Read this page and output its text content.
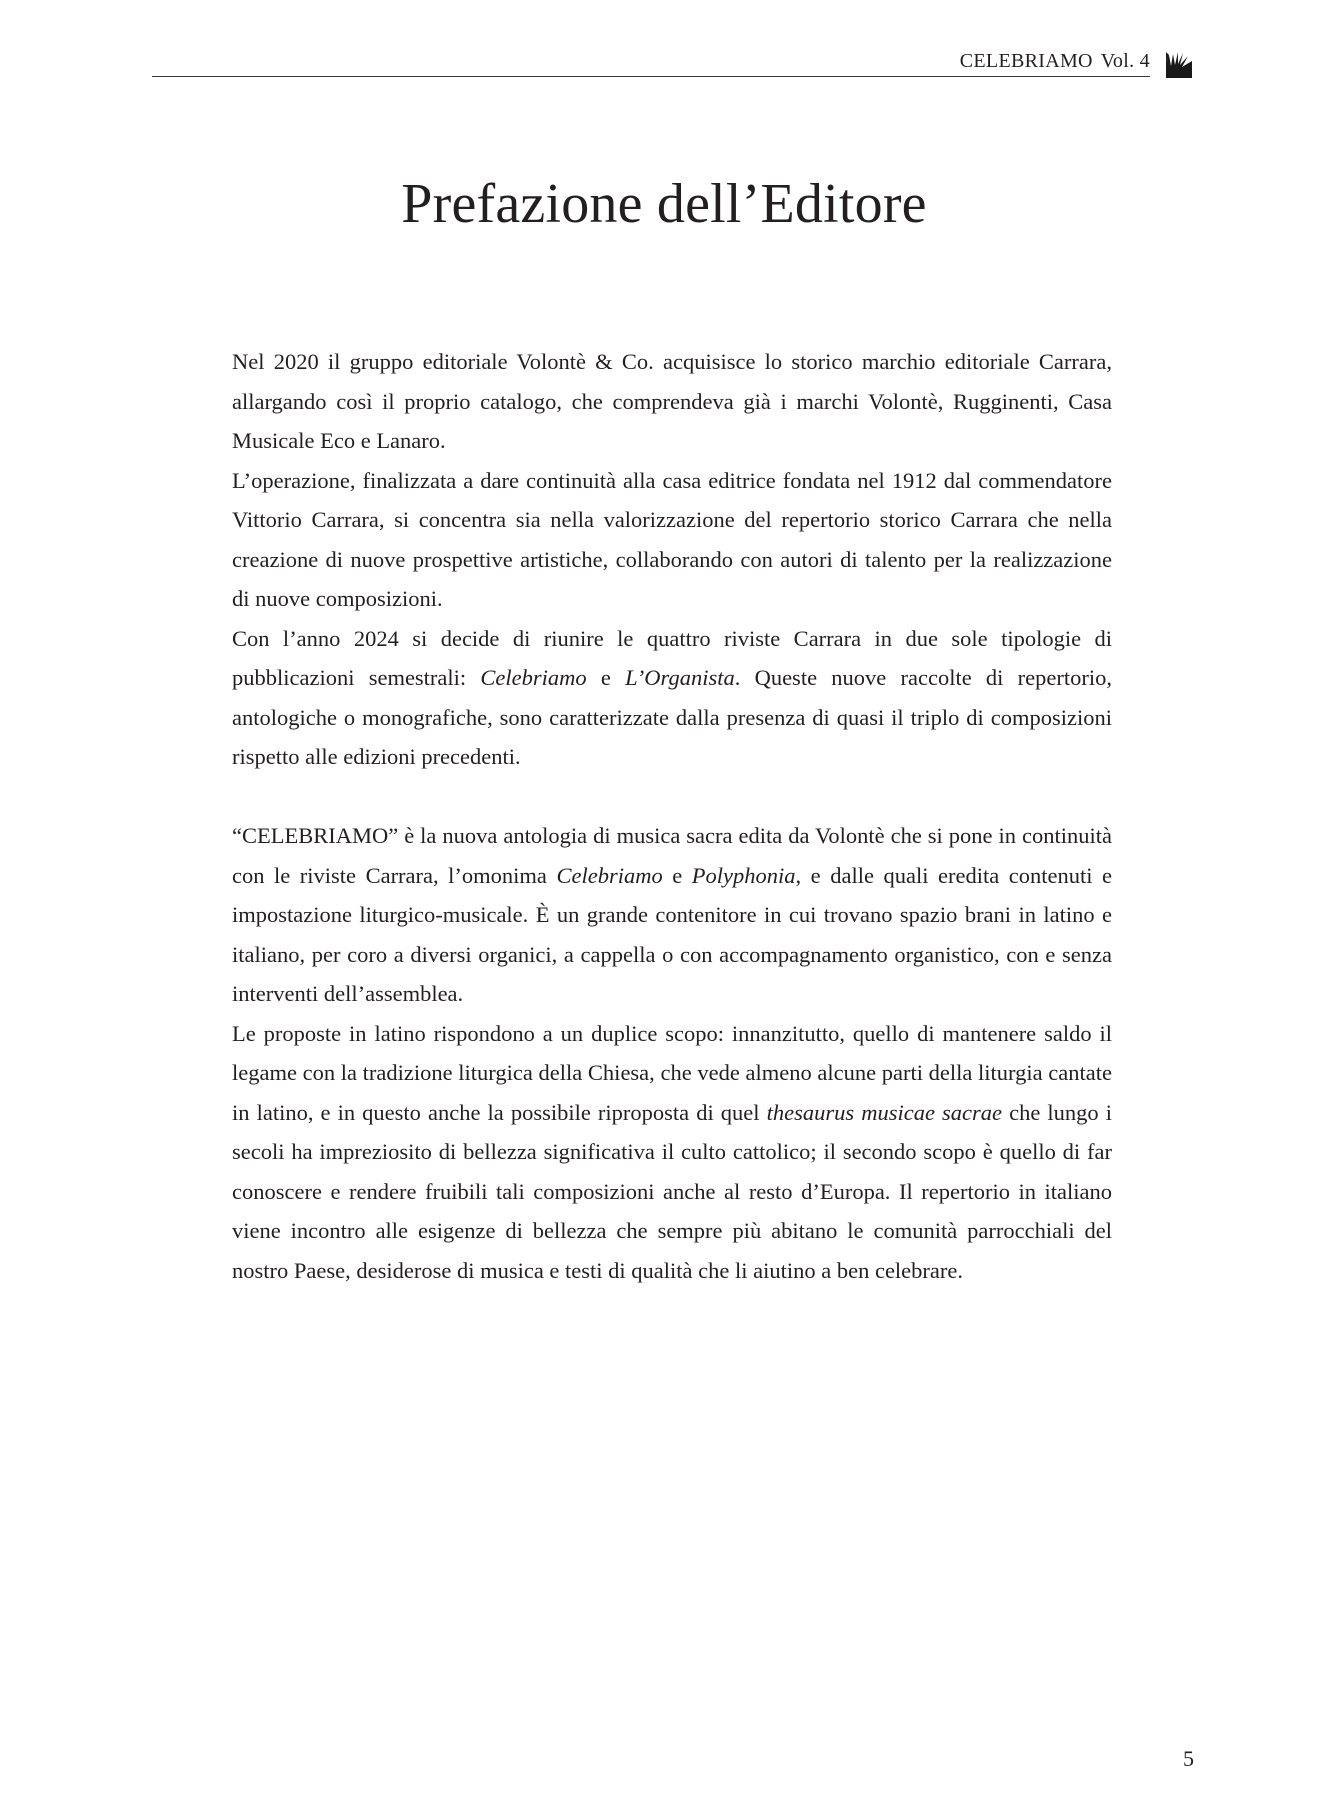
CELEBRIAMO Vol. 4
Prefazione dell’Editore

Nel 2020 il gruppo editoriale Volontè & Co. acquisisce lo storico marchio editoriale Carrara, allargando così il proprio catalogo, che comprendeva già i marchi Volontè, Rugginenti, Casa Musicale Eco e Lanaro.

L’operazione, finalizzata a dare continuità alla casa editrice fondata nel 1912 dal commendatore Vittorio Carrara, si concentra sia nella valorizzazione del repertorio storico Carrara che nella creazione di nuove prospettive artistiche, collaborando con autori di talento per la realizzazione di nuove composizioni.

Con l’anno 2024 si decide di riunire le quattro riviste Carrara in due sole tipologie di pubblicazioni semestrali: Celebriamo e L’Organista. Queste nuove raccolte di repertorio, antologiche o monografiche, sono caratterizzate dalla presenza di quasi il triplo di composizioni rispetto alle edizioni precedenti.

“CELEBRIAMO” è la nuova antologia di musica sacra edita da Volontè che si pone in continuità con le riviste Carrara, l’omonima Celebriamo e Polyphonia, e dalle quali eredita contenuti e impostazione liturgico-musicale. È un grande contenitore in cui trovano spazio brani in latino e italiano, per coro a diversi organici, a cappella o con accompagnamento organistico, con e senza interventi dell’assemblea.

Le proposte in latino rispondono a un duplice scopo: innanzitutto, quello di mantenere saldo il legame con la tradizione liturgica della Chiesa, che vede almeno alcune parti della liturgia cantate in latino, e in questo anche la possibile riproposta di quel thesaurus musicae sacrae che lungo i secoli ha impreziosito di bellezza significativa il culto cattolico; il secondo scopo è quello di far conoscere e rendere fruibili tali composizioni anche al resto d’Europa. Il repertorio in italiano viene incontro alle esigenze di bellezza che sempre più abitano le comunità parrocchiali del nostro Paese, desiderose di musica e testi di qualità che li aiutino a ben celebrare.

5
